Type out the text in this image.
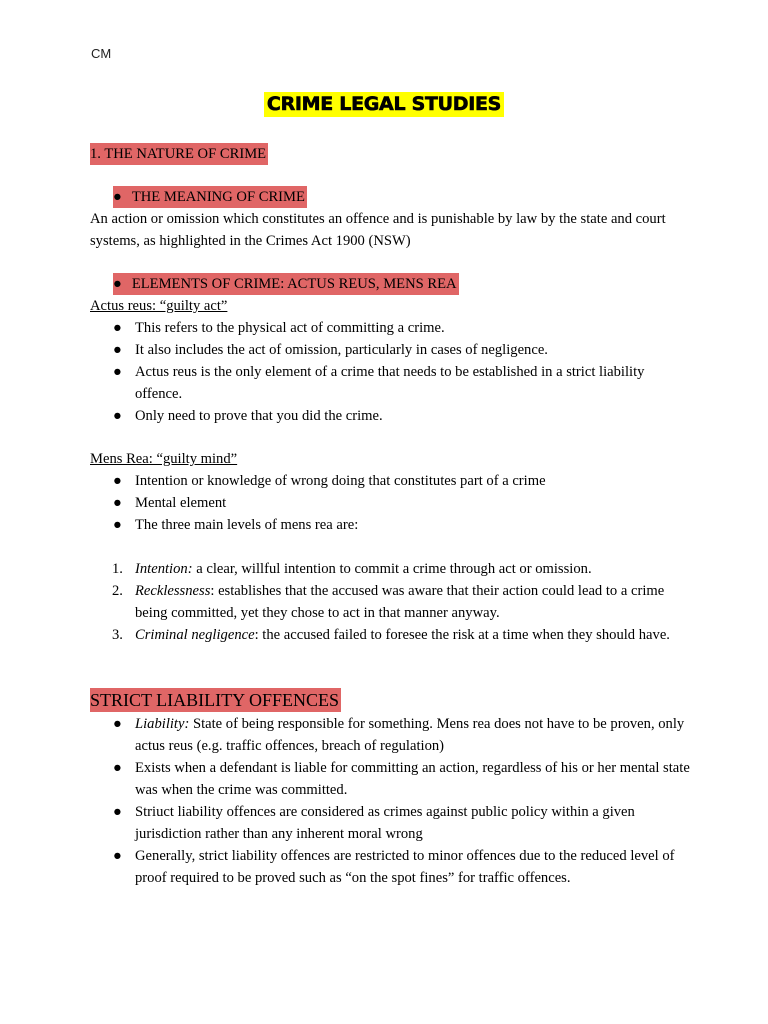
CM
CRIME LEGAL STUDIES
1. THE NATURE OF CRIME
● THE MEANING OF CRIME
An action or omission which constitutes an offence and is punishable by law by the state and court systems, as highlighted in the Crimes Act 1900 (NSW)
● ELEMENTS OF CRIME: ACTUS REUS, MENS REA
Actus reus: “guilty act”
● This refers to the physical act of committing a crime.
● It also includes the act of omission, particularly in cases of negligence.
● Actus reus is the only element of a crime that needs to be established in a strict liability offence.
● Only need to prove that you did the crime.
Mens Rea: “guilty mind”
● Intention or knowledge of wrong doing that constitutes part of a crime
● Mental element
● The three main levels of mens rea are:
1. Intention: a clear, willful intention to commit a crime through act or omission.
2. Recklessness: establishes that the accused was aware that their action could lead to a crime being committed, yet they chose to act in that manner anyway.
3. Criminal negligence: the accused failed to foresee the risk at a time when they should have.
STRICT LIABILITY OFFENCES
● Liability: State of being responsible for something. Mens rea does not have to be proven, only actus reus (e.g. traffic offences, breach of regulation)
● Exists when a defendant is liable for committing an action, regardless of his or her mental state was when the crime was committed.
● Striuct liability offences are considered as crimes against public policy within a given jurisdiction rather than any inherent moral wrong
● Generally, strict liability offences are restricted to minor offences due to the reduced level of proof required to be proved such as “on the spot fines” for traffic offences.
